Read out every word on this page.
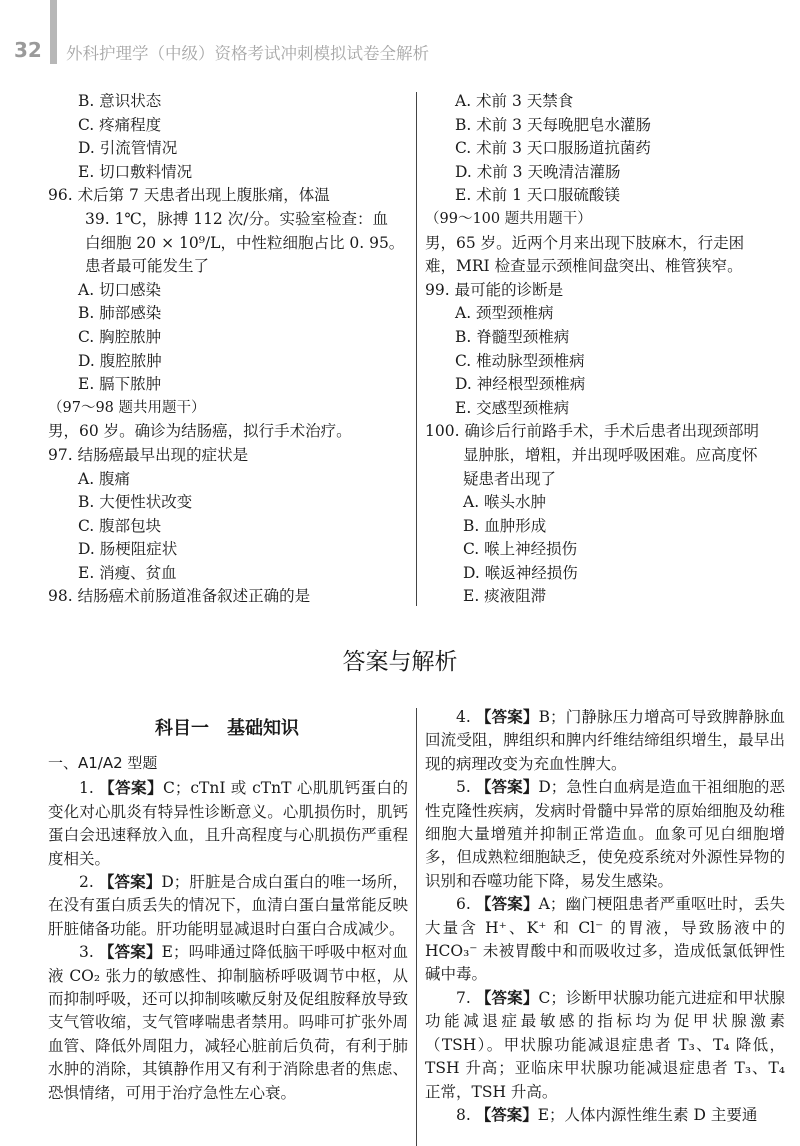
32 外科护理学（中级）资格考试冲刺模拟试卷全解析
B. 意识状态
C. 疼痛程度
D. 引流管情况
E. 切口敷料情况
96. 术后第 7 天患者出现上腹胀痛，体温
39. 1℃，脉搏 112 次/分。实验室检查：血
白细胞 20 × 10⁹/L，中性粒细胞占比 0. 95。
患者最可能发生了
A. 切口感染
B. 肺部感染
C. 胸腔脓肿
D. 腹腔脓肿
E. 膈下脓肿
（97～98 题共用题干）
男，60 岁。确诊为结肠癌，拟行手术治疗。
97. 结肠癌最早出现的症状是
A. 腹痛
B. 大便性状改变
C. 腹部包块
D. 肠梗阻症状
E. 消瘦、贫血
98. 结肠癌术前肠道准备叙述正确的是
A. 术前 3 天禁食
B. 术前 3 天每晚肥皂水灌肠
C. 术前 3 天口服肠道抗菌药
D. 术前 3 天晚清洁灌肠
E. 术前 1 天口服硫酸镁
（99～100 题共用题干）
男，65 岁。近两个月来出现下肢麻木，行走困
难，MRI 检查显示颈椎间盘突出、椎管狭窄。
99. 最可能的诊断是
A. 颈型颈椎病
B. 脊髓型颈椎病
C. 椎动脉型颈椎病
D. 神经根型颈椎病
E. 交感型颈椎病
100. 确诊后行前路手术，手术后患者出现颈部明
显肿胀，增粗，并出现呼吸困难。应高度怀
疑患者出现了
A. 喉头水肿
B. 血肿形成
C. 喉上神经损伤
D. 喉返神经损伤
E. 痰液阻滞
答案与解析
科目一　基础知识
一、A1/A2 型题

1. 【答案】C；cTnI 或 cTnT 心肌肌钙蛋白的变化对心肌炎有特异性诊断意义。心肌损伤时，肌钙蛋白会迅速释放入血，且升高程度与心肌损伤严重程度相关。

2. 【答案】D；肝脏是合成白蛋白的唯一场所，在没有蛋白质丢失的情况下，血清白蛋白量常能反映肝脏储备功能。肝功能明显减退时白蛋白合成减少。

3. 【答案】E；吗啡通过降低脑干呼吸中枢对血液 CO₂ 张力的敏感性、抑制脑桥呼吸调节中枢，从而抑制呼吸，还可以抑制咳嗽反射及促组胺释放导致支气管收缩，支气管哮喘患者禁用。吗啡可扩张外周血管、降低外周阻力，减轻心脏前后负荷，有利于肺水肿的消除，其镇静作用又有利于消除患者的焦虑、恐惧情绪，可用于治疗急性左心衰。

4. 【答案】B；门静脉压力增高可导致脾静脉血回流受阻，脾组织和脾内纤维结缔组织增生，最早出现的病理改变为充血性脾大。

5. 【答案】D；急性白血病是造血干祖细胞的恶性克隆性疾病，发病时骨髓中异常的原始细胞及幼稚细胞大量增殖并抑制正常造血。血象可见白细胞增多，但成熟粒细胞缺乏，使免疫系统对外源性异物的识别和吞噬功能下降，易发生感染。

6. 【答案】A；幽门梗阻患者严重呕吐时，丢失大量含 H⁺、K⁺ 和 Cl⁻ 的胃液，导致肠液中的 HCO₃⁻ 未被胃酸中和而吸收过多，造成低氯低钾性碱中毒。

7. 【答案】C；诊断甲状腺功能亢进症和甲状腺功能减退症最敏感的指标均为促甲状腺激素（TSH）。甲状腺功能减退症患者 T₃、T₄ 降低，TSH 升高；亚临床甲状腺功能减退症患者 T₃、T₄ 正常，TSH 升高。

8. 【答案】E；人体内源性维生素 D 主要通
